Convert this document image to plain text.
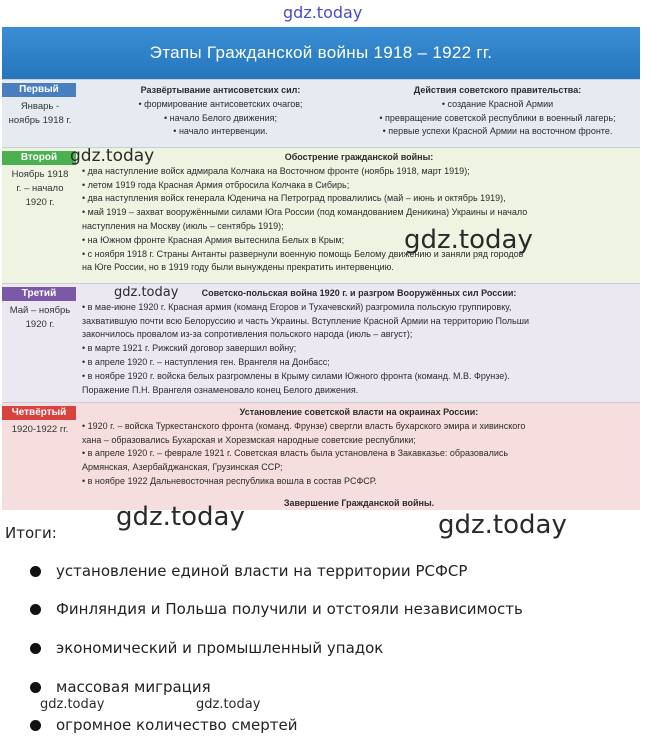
gdz.today
Этапы Гражданской войны 1918 – 1922 гг.
Первый
Январь -
ноябрь 1918 г.
Развёртывание антисоветских сил:
• формирование антисоветских очагов;
• начало Белого движения;
• начало интервенции.
Действия советского правительства:
• создание Красной Армии
• превращение советской республики в военный лагерь;
• первые успехи Красной Армии на восточном фронте.
Второй
Ноябрь 1918
г. – начало
1920 г.
Обострение гражданской войны:
• два наступление войск адмирала Колчака на Восточном фронте (ноябрь 1918, март 1919);
• летом 1919 года Красная Армия отбросила Колчака в Сибирь;
• два наступления войск генерала Юденича на Петроград провалились (май – июнь и октябрь 1919),
• май 1919 – захват вооружёнными силами Юга России (под командованием Деникина) Украины и начало
наступления на Москву (июль – сентябрь 1919);
• на Южном фронте Красная Армия вытеснила Белых в Крым;
• с ноября 1918 г. Страны Антанты развернули военную помощь Белому движению и заняли ряд городов
на Юге России, но в 1919 году были вынуждены прекратить интервенцию.
Третий
Май – ноябрь
1920 г.
Советско-польская война 1920 г. и разгром Вооружённых сил России:
• в мае-июне 1920 г. Красная армия (команд Егоров и Тухачевский) разгромила польскую группировку,
захватившую почти всю Белоруссию и часть Украины. Вступление Красной Армии на территорию Польши
закончилось провалом из-за сопротивления польского народа (июль – август);
• в марте 1921 г. Рижский договор завершил войну;
• в апреле 1920 г. – наступления ген. Врангеля на Донбасс;
• в ноябре 1920 г. войска белых разгромлены в Крыму силами Южного фронта (команд. М.В. Фрунзе).
Поражение П.Н. Врангеля ознаменовало конец Белого движения.
Четвёртый
1920-1922 гг.
Установление советской власти на окраинах России:
• 1920 г. – войска Туркестанского фронта (команд. Фрунзе) свергли власть бухарского эмира и хивинского
хана – образовались Бухарская и Хорезмская народные советские республики;
• в апреле 1920 г. – феврале 1921 г. Советская власть была установлена в Закавказье: образовались
Армянская, Азербайджанская, Грузинская ССР;
• в ноябре 1922 Дальневосточная республика вошла в состав РСФСР.
Завершение Гражданской войны.
gdz.today
gdz.today
gdz.today
gdz.today	gdz.today
Итоги:
установление единой власти на территории РСФСР
Финляндия и Польша получили и отстояли независимость
экономический и промышленный упадок
массовая миграция
огромное количество смертей
gdz.today	gdz.today
